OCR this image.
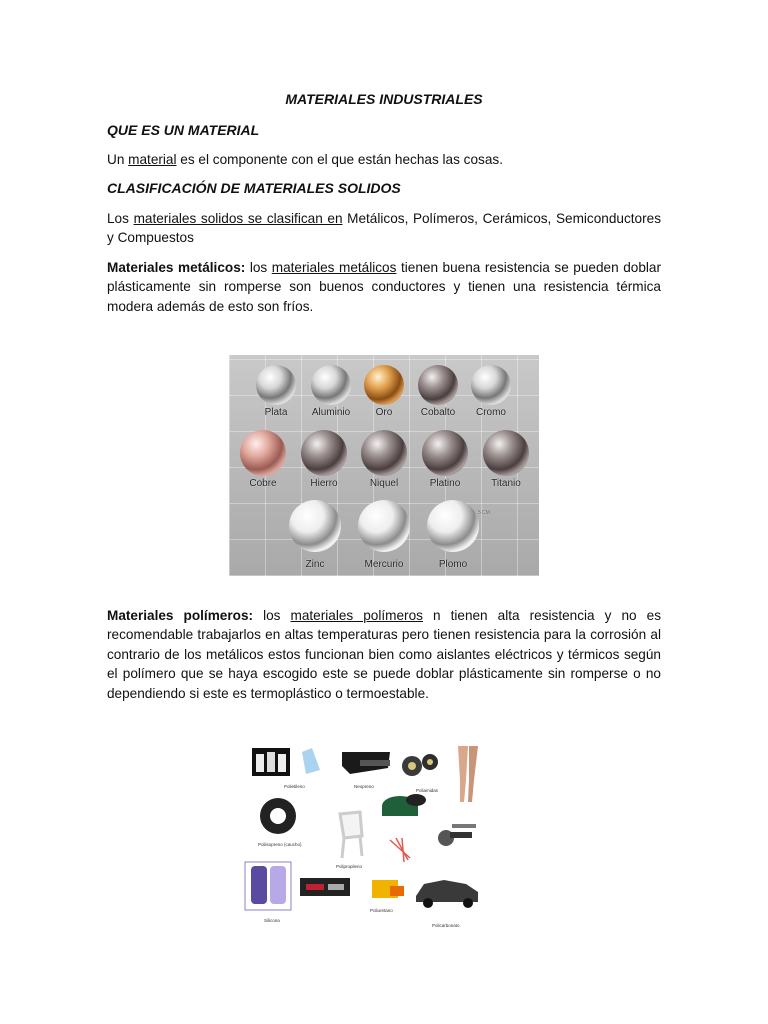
MATERIALES INDUSTRIALES
QUE ES UN MATERIAL
Un material es el componente con el que están hechas las cosas.
CLASIFICACIÓN DE MATERIALES SOLIDOS
Los materiales solidos se clasifican en Metálicos, Polímeros, Cerámicos, Semiconductores y Compuestos
Materiales metálicos: los materiales metálicos tienen buena resistencia se pueden doblar plásticamente sin romperse son buenos conductores y tienen una resistencia térmica modera además de esto son fríos.
Plata	Aluminio	Oro	Cobalto	Cromo
Cobre	Hierro	Niquel	Platino	Titanio
Zinc	Mercurio	Plomo
5 CM
Materiales polímeros: los materiales polímeros n tienen alta resistencia y no es recomendable trabajarlos en altas temperaturas pero tienen resistencia para la corrosión al contrario de los metálicos estos funcionan bien como aislantes eléctricos y térmicos según el polímero que se haya escogido este se puede doblar plásticamente sin romperse o no dependiendo si este es termoplástico o termoestable.
Polietileno	Neopreno
Poliamidas
Poliisopreno (caucho)
Polipropileno
Silicona
Poliuretano
Policarbonato
